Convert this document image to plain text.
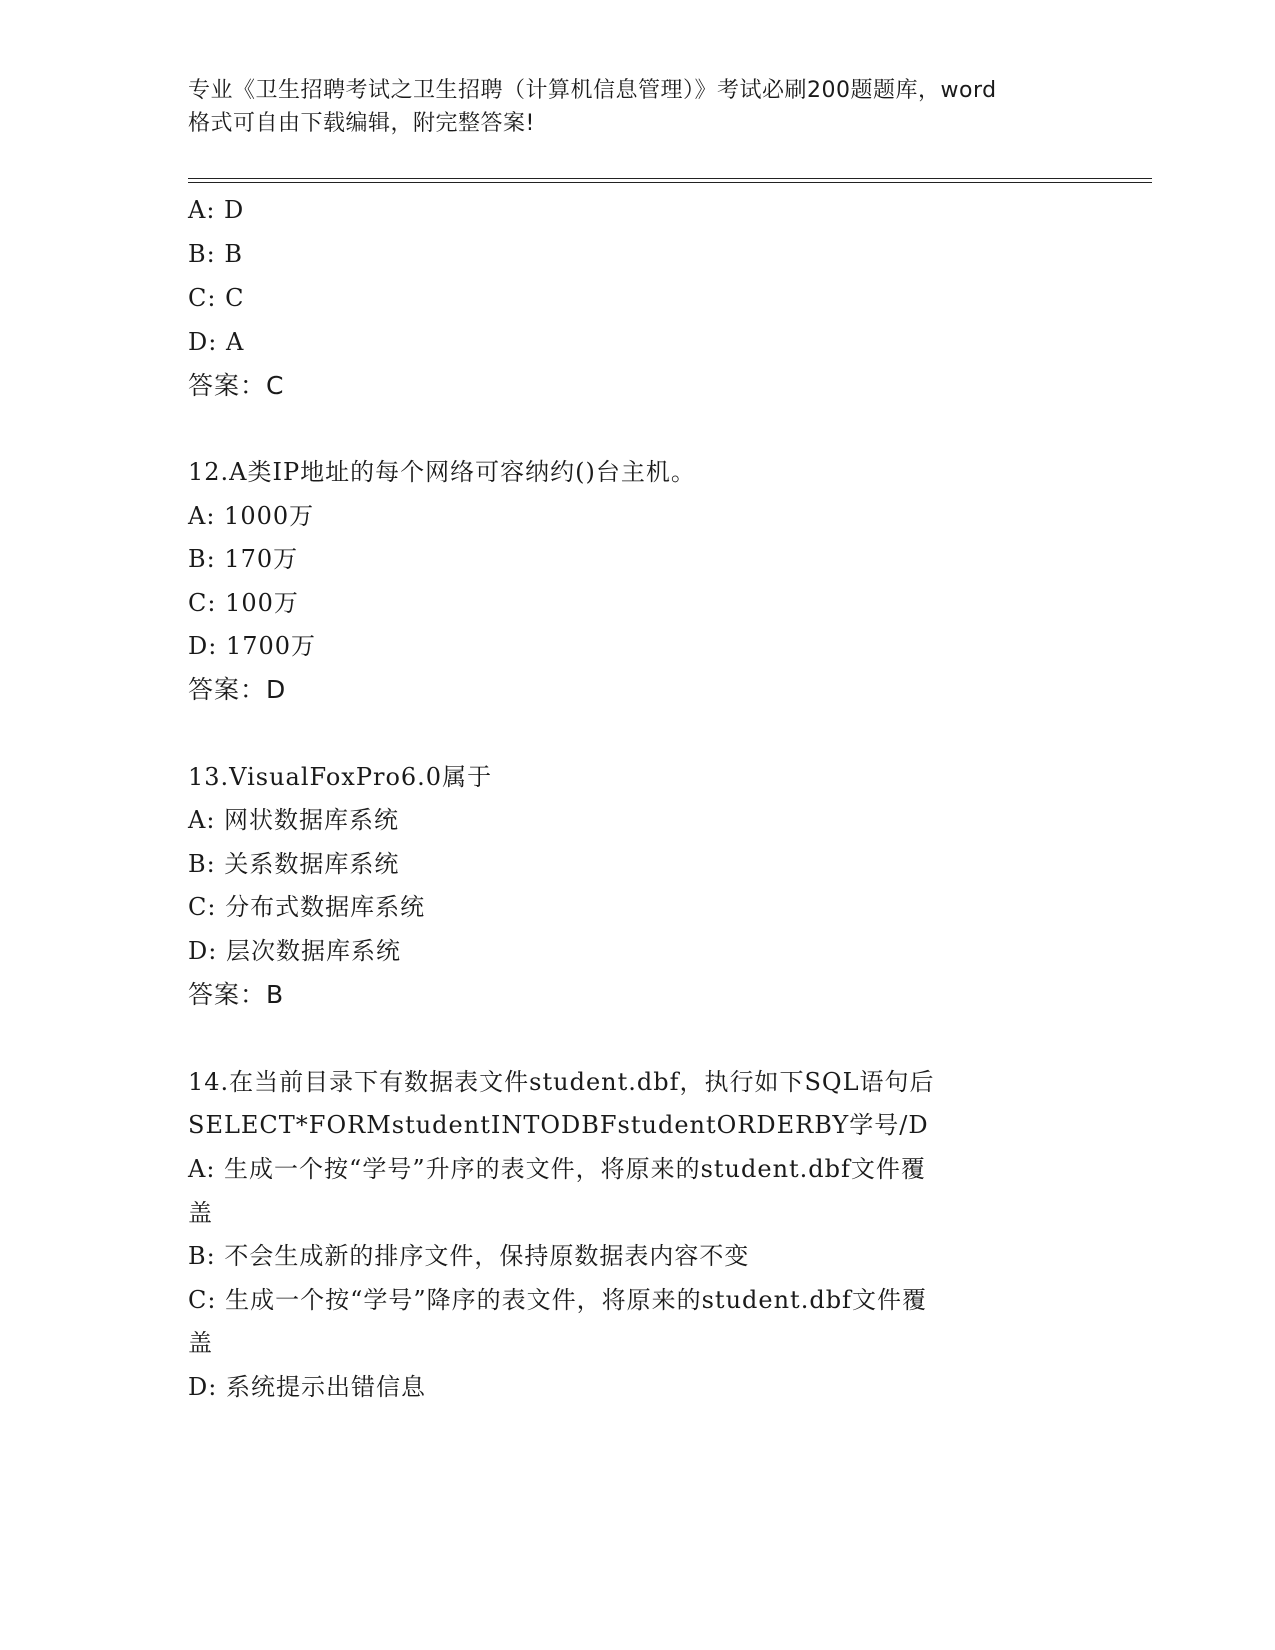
专业《卫生招聘考试之卫生招聘（计算机信息管理）》考试必刷200题题库，word
格式可自由下载编辑，附完整答案!
A: D
B: B
C: C
D: A
答案：C
12.A类IP地址的每个网络可容纳约()台主机。
A: 1000万
B: 170万
C: 100万
D: 1700万
答案：D
13.VisualFoxPro6.0属于
A: 网状数据库系统
B: 关系数据库系统
C: 分布式数据库系统
D: 层次数据库系统
答案：B
14.在当前目录下有数据表文件student.dbf，执行如下SQL语句后
SELECT*FORMstudentINTODBFstudentORDERBY学号/D
A: 生成一个按“学号”升序的表文件，将原来的student.dbf文件覆
盖
B: 不会生成新的排序文件，保持原数据表内容不变
C: 生成一个按“学号”降序的表文件，将原来的student.dbf文件覆
盖
D: 系统提示出错信息
